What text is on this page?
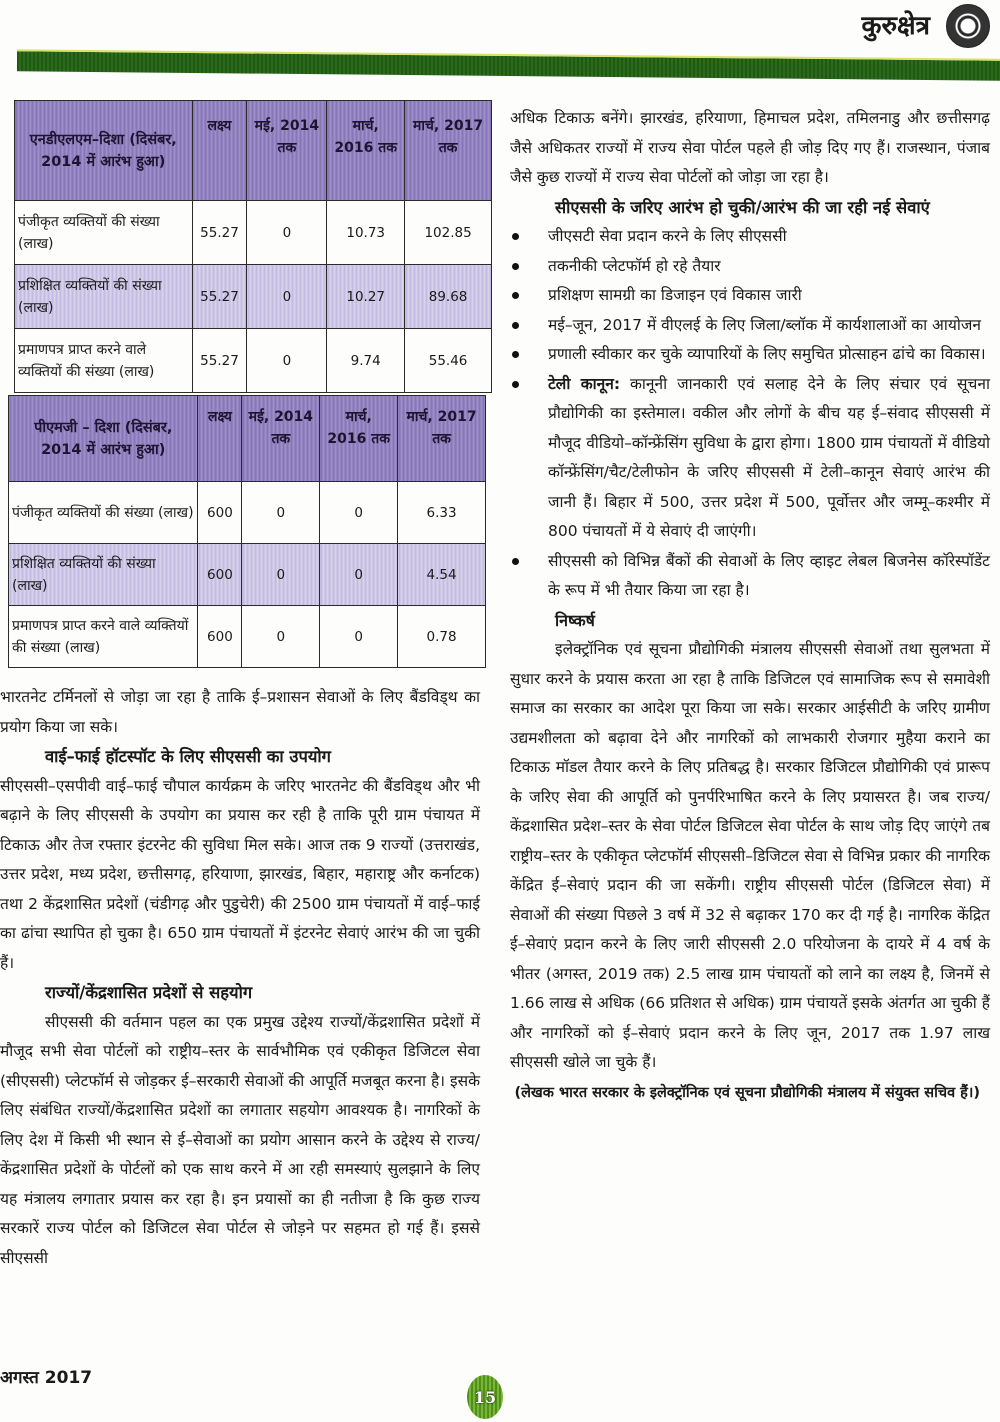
कुरुक्षेत्र
एनडीएलएम–दिशा (दिसंबर, 2014 में आरंभ हुआ)	लक्ष्य	मई, 2014 तक	मार्च, 2016 तक	मार्च, 2017 तक
पंजीकृत व्यक्तियों की संख्या (लाख)	55.27	0	10.73	102.85
प्रशिक्षित व्यक्तियों की संख्या (लाख)	55.27	0	10.27	89.68
प्रमाणपत्र प्राप्त करने वाले व्यक्तियों की संख्या (लाख)	55.27	0	9.74	55.46
पीएमजी – दिशा (दिसंबर, 2014 में आरंभ हुआ)	लक्ष्य	मई, 2014 तक	मार्च, 2016 तक	मार्च, 2017 तक
पंजीकृत व्यक्तियों की संख्या (लाख)	600	0	0	6.33
प्रशिक्षित व्यक्तियों की संख्या (लाख)	600	0	0	4.54
प्रमाणपत्र प्राप्त करने वाले व्यक्तियों की संख्या (लाख)	600	0	0	0.78

भारतनेट टर्मिनलों से जोड़ा जा रहा है ताकि ई–प्रशासन सेवाओं के लिए बैंडविड्थ का प्रयोग किया जा सके।

वाई–फाई हॉटस्पॉट के लिए सीएससी का उपयोग

सीएससी–एसपीवी वाई–फाई चौपाल कार्यक्रम के जरिए भारतनेट की बैंडविड्थ और भी बढ़ाने के लिए सीएससी के उपयोग का प्रयास कर रही है ताकि पूरी ग्राम पंचायत में टिकाऊ और तेज रफ्तार इंटरनेट की सुविधा मिल सके। आज तक 9 राज्यों (उत्तराखंड, उत्तर प्रदेश, मध्य प्रदेश, छत्तीसगढ़, हरियाणा, झारखंड, बिहार, महाराष्ट्र और कर्नाटक) तथा 2 केंद्रशासित प्रदेशों (चंडीगढ़ और पुडुचेरी) की 2500 ग्राम पंचायतों में वाई–फाई का ढांचा स्थापित हो चुका है। 650 ग्राम पंचायतों में इंटरनेट सेवाएं आरंभ की जा चुकी हैं।

राज्यों/केंद्रशासित प्रदेशों से सहयोग

सीएससी की वर्तमान पहल का एक प्रमुख उद्देश्य राज्यों/केंद्रशासित प्रदेशों में मौजूद सभी सेवा पोर्टलों को राष्ट्रीय–स्तर के सार्वभौमिक एवं एकीकृत डिजिटल सेवा (सीएससी) प्लेटफॉर्म से जोड़कर ई–सरकारी सेवाओं की आपूर्ति मजबूत करना है। इसके लिए संबंधित राज्यों/केंद्रशासित प्रदेशों का लगातार सहयोग आवश्यक है। नागरिकों के लिए देश में किसी भी स्थान से ई–सेवाओं का प्रयोग आसान करने के उद्देश्य से राज्य/केंद्रशासित प्रदेशों के पोर्टलों को एक साथ करने में आ रही समस्याएं सुलझाने के लिए यह मंत्रालय लगातार प्रयास कर रहा है। इन प्रयासों का ही नतीजा है कि कुछ राज्य सरकारें राज्य पोर्टल को डिजिटल सेवा पोर्टल से जोड़ने पर सहमत हो गई हैं। इससे सीएससी

अधिक टिकाऊ बनेंगे। झारखंड, हरियाणा, हिमाचल प्रदेश, तमिलनाडु और छत्तीसगढ़ जैसे अधिकतर राज्यों में राज्य सेवा पोर्टल पहले ही जोड़ दिए गए हैं। राजस्थान, पंजाब जैसे कुछ राज्यों में राज्य सेवा पोर्टलों को जोड़ा जा रहा है।

सीएससी के जरिए आरंभ हो चुकी/आरंभ की जा रही नई सेवाएं

जीएसटी सेवा प्रदान करने के लिए सीएससी
तकनीकी प्लेटफॉर्म हो रहे तैयार
प्रशिक्षण सामग्री का डिजाइन एवं विकास जारी
मई–जून, 2017 में वीएलई के लिए जिला/ब्लॉक में कार्यशालाओं का आयोजन
प्रणाली स्वीकार कर चुके व्यापारियों के लिए समुचित प्रोत्साहन ढांचे का विकास।
टेली कानून: कानूनी जानकारी एवं सलाह देने के लिए संचार एवं सूचना प्रौद्योगिकी का इस्तेमाल। वकील और लोगों के बीच यह ई–संवाद सीएससी में मौजूद वीडियो–कॉन्फ्रेंसिंग सुविधा के द्वारा होगा। 1800 ग्राम पंचायतों में वीडियो कॉन्फ्रेंसिंग/चैट/टेलीफोन के जरिए सीएससी में टेली–कानून सेवाएं आरंभ की जानी हैं। बिहार में 500, उत्तर प्रदेश में 500, पूर्वोत्तर और जम्मू–कश्मीर में 800 पंचायतों में ये सेवाएं दी जाएंगी।
सीएससी को विभिन्न बैंकों की सेवाओं के लिए व्हाइट लेबल बिजनेस कॉरेस्पॉडेंट के रूप में भी तैयार किया जा रहा है।

निष्कर्ष

इलेक्ट्रॉनिक एवं सूचना प्रौद्योगिकी मंत्रालय सीएससी सेवाओं तथा सुलभता में सुधार करने के प्रयास करता आ रहा है ताकि डिजिटल एवं सामाजिक रूप से समावेशी समाज का सरकार का आदेश पूरा किया जा सके। सरकार आईसीटी के जरिए ग्रामीण उद्यमशीलता को बढ़ावा देने और नागरिकों को लाभकारी रोजगार मुहैया कराने का टिकाऊ मॉडल तैयार करने के लिए प्रतिबद्ध है। सरकार डिजिटल प्रौद्योगिकी एवं प्रारूप के जरिए सेवा की आपूर्ति को पुनर्परिभाषित करने के लिए प्रयासरत है। जब राज्य/केंद्रशासित प्रदेश–स्तर के सेवा पोर्टल डिजिटल सेवा पोर्टल के साथ जोड़ दिए जाएंगे तब राष्ट्रीय–स्तर के एकीकृत प्लेटफॉर्म सीएससी–डिजिटल सेवा से विभिन्न प्रकार की नागरिक केंद्रित ई–सेवाएं प्रदान की जा सकेंगी। राष्ट्रीय सीएससी पोर्टल (डिजिटल सेवा) में सेवाओं की संख्या पिछले 3 वर्ष में 32 से बढ़ाकर 170 कर दी गई है। नागरिक केंद्रित ई–सेवाएं प्रदान करने के लिए जारी सीएससी 2.0 परियोजना के दायरे में 4 वर्ष के भीतर (अगस्त, 2019 तक) 2.5 लाख ग्राम पंचायतों को लाने का लक्ष्य है, जिनमें से 1.66 लाख से अधिक (66 प्रतिशत से अधिक) ग्राम पंचायतें इसके अंतर्गत आ चुकी हैं और नागरिकों को ई–सेवाएं प्रदान करने के लिए जून, 2017 तक 1.97 लाख सीएससी खोले जा चुके हैं।

(लेखक भारत सरकार के इलेक्ट्रॉनिक एवं सूचना प्रौद्योगिकी मंत्रालय में संयुक्त सचिव हैं।)

अगस्त 2017
15
